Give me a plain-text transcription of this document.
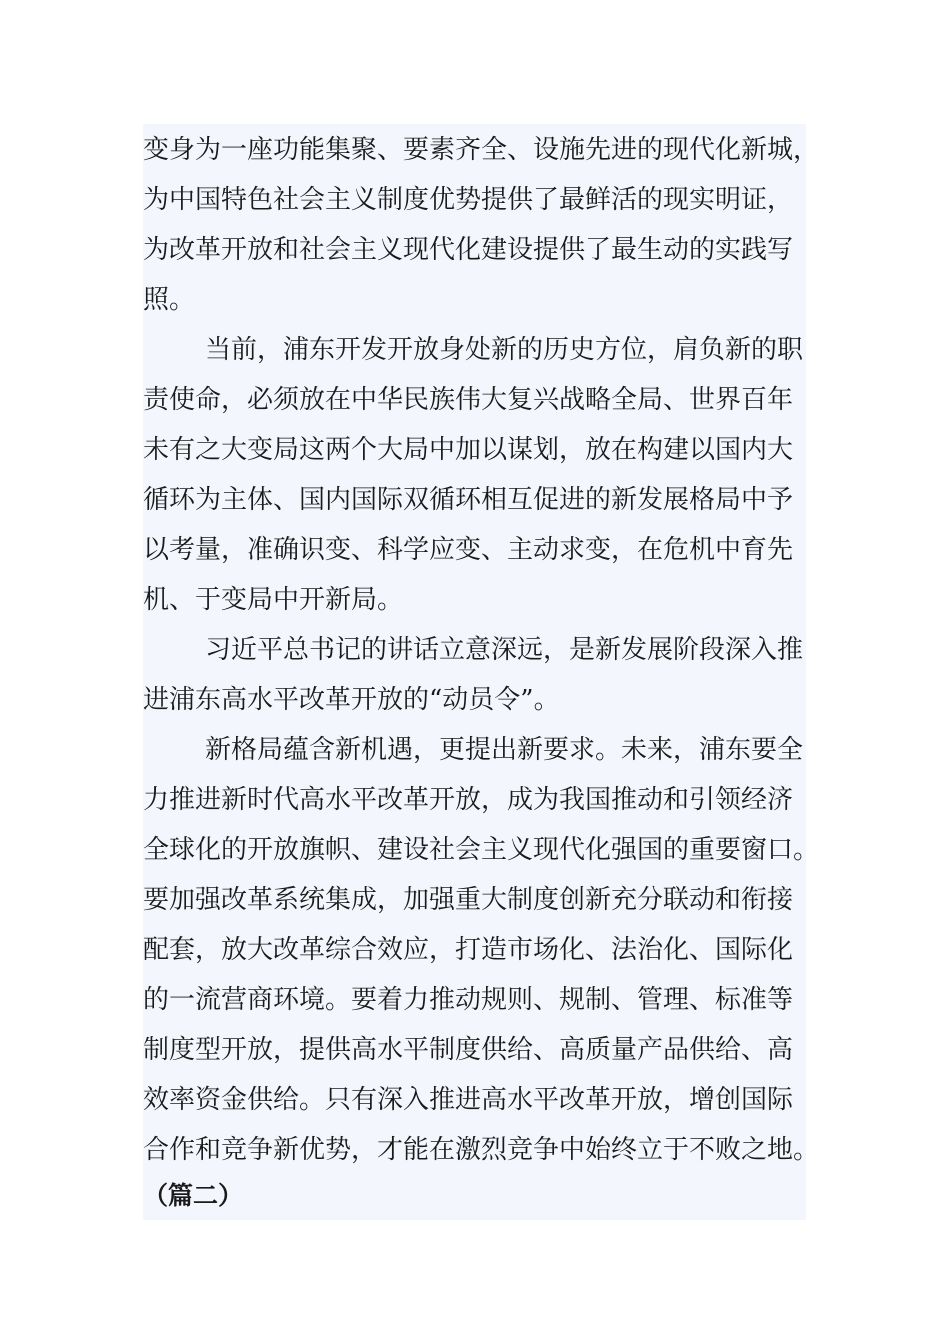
变身为一座功能集聚、要素齐全、设施先进的现代化新城，
为中国特色社会主义制度优势提供了最鲜活的现实明证，
为改革开放和社会主义现代化建设提供了最生动的实践写
照。
当前，浦东开发开放身处新的历史方位，肩负新的职
责使命，必须放在中华民族伟大复兴战略全局、世界百年
未有之大变局这两个大局中加以谋划，放在构建以国内大
循环为主体、国内国际双循环相互促进的新发展格局中予
以考量，准确识变、科学应变、主动求变，在危机中育先
机、于变局中开新局。
习近平总书记的讲话立意深远，是新发展阶段深入推
进浦东高水平改革开放的“动员令”。
新格局蕴含新机遇，更提出新要求。未来，浦东要全
力推进新时代高水平改革开放，成为我国推动和引领经济
全球化的开放旗帜、建设社会主义现代化强国的重要窗口。
要加强改革系统集成，加强重大制度创新充分联动和衔接
配套，放大改革综合效应，打造市场化、法治化、国际化
的一流营商环境。要着力推动规则、规制、管理、标准等
制度型开放，提供高水平制度供给、高质量产品供给、高
效率资金供给。只有深入推进高水平改革开放，增创国际
合作和竞争新优势，才能在激烈竞争中始终立于不败之地。
（篇二）
